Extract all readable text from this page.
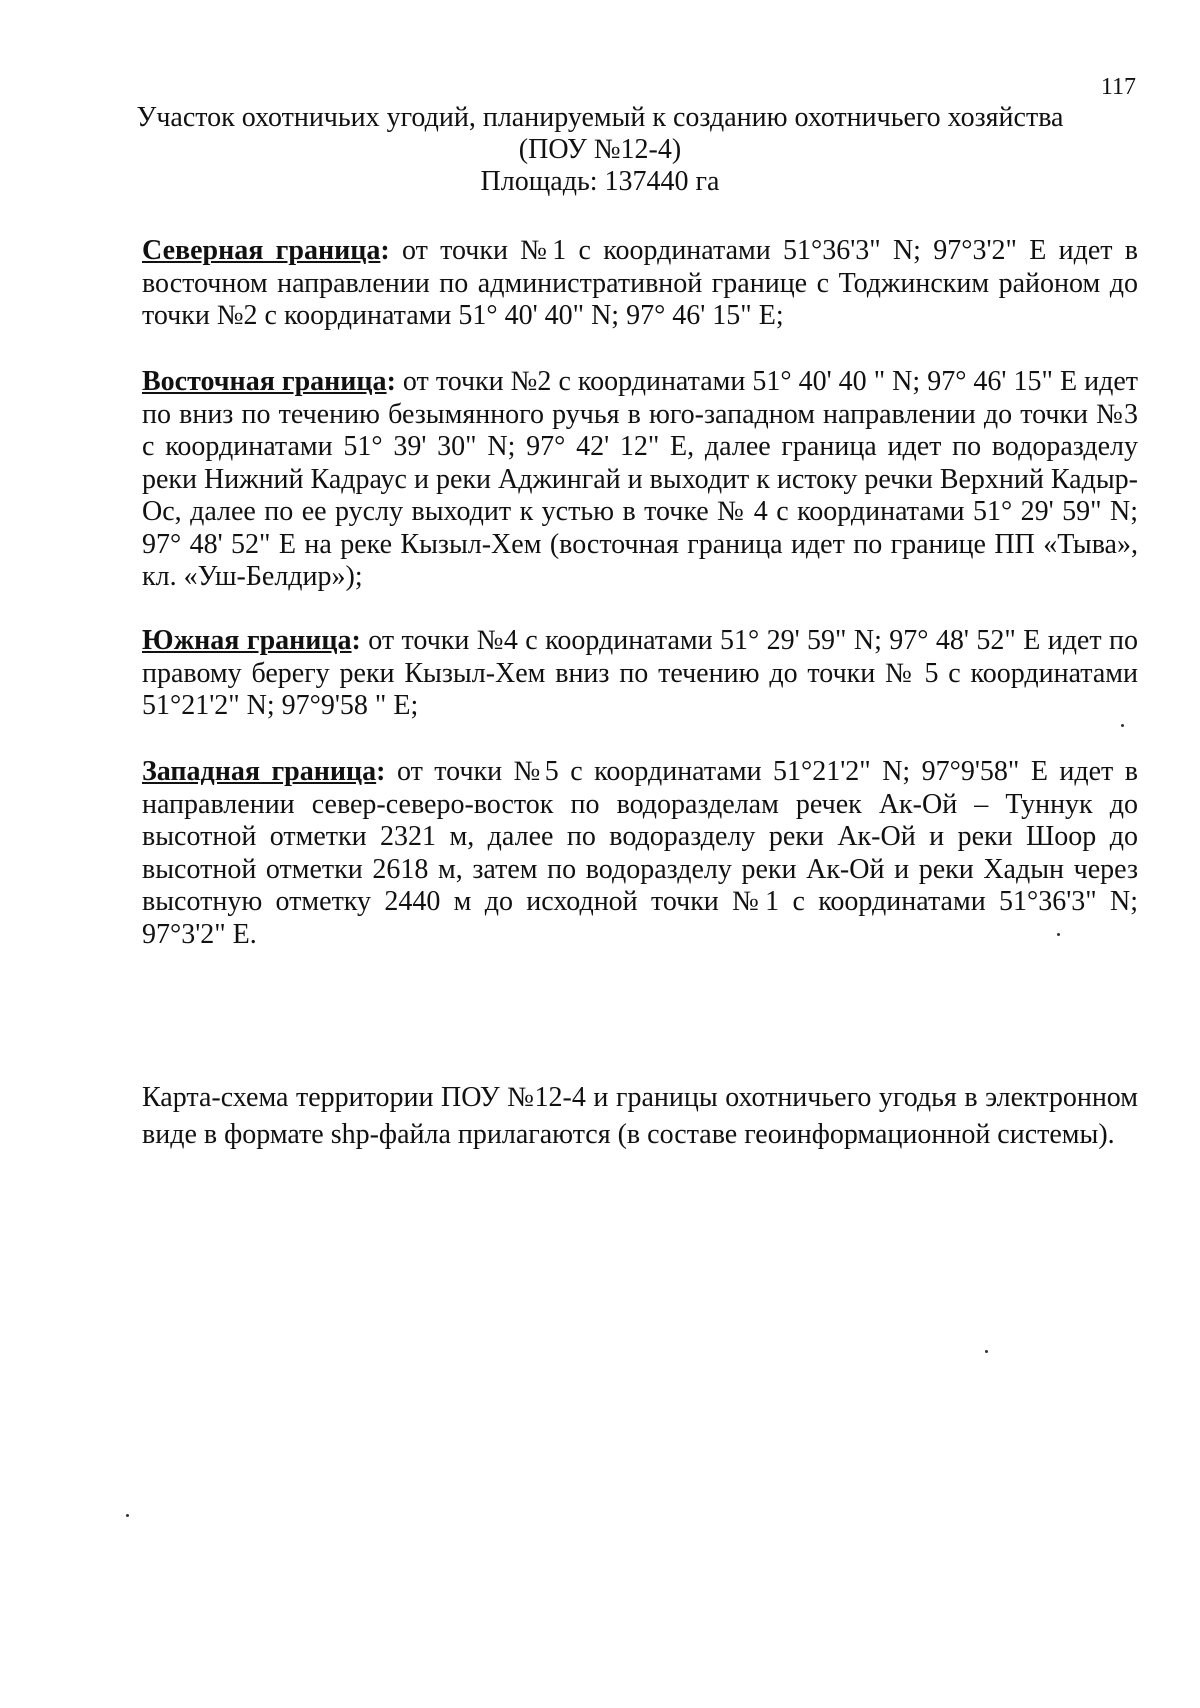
117
Участок охотничьих угодий, планируемый к созданию охотничьего хозяйства
(ПОУ №12-4)
Площадь: 137440 га

Северная граница: от точки №1 с координатами 51°36'3" N; 97°3'2" Е идет в восточном направлении по административной границе с Тоджинским районом до точки №2 с координатами 51° 40' 40" N; 97° 46' 15" E;

Восточная граница: от точки №2 с координатами 51° 40' 40 " N; 97° 46' 15" E идет по вниз по течению безымянного ручья в юго-западном направлении до точки №3 с координатами 51° 39' 30" N; 97° 42' 12" E, далее граница идет по водоразделу реки Нижний Кадраус и реки Аджингай и выходит к истоку речки Верхний Кадыр-Ос, далее по ее руслу выходит к устью в точке № 4 с координатами 51° 29' 59" N; 97° 48' 52" E на реке Кызыл-Хем (восточная граница идет по границе ПП «Тыва», кл. «Уш-Белдир»);

Южная граница: от точки №4 с координатами 51° 29' 59" N; 97° 48' 52" E идет по правому берегу реки Кызыл-Хем вниз по течению до точки № 5 с координатами 51°21'2" N; 97°9'58 " E;

Западная граница: от точки №5 с координатами 51°21'2" N; 97°9'58" E идет в направлении север-северо-восток по водоразделам речек Ак-Ой – Туннук до высотной отметки 2321 м, далее по водоразделу реки Ак-Ой и реки Шоор до высотной отметки 2618 м, затем по водоразделу реки Ак-Ой и реки Хадын через высотную отметку 2440 м до исходной точки №1 с координатами 51°36'3" N; 97°3'2" E.

Карта-схема территории ПОУ №12-4 и границы охотничьего угодья в электронном виде в формате shp-файла прилагаются (в составе геоинформационной системы).
